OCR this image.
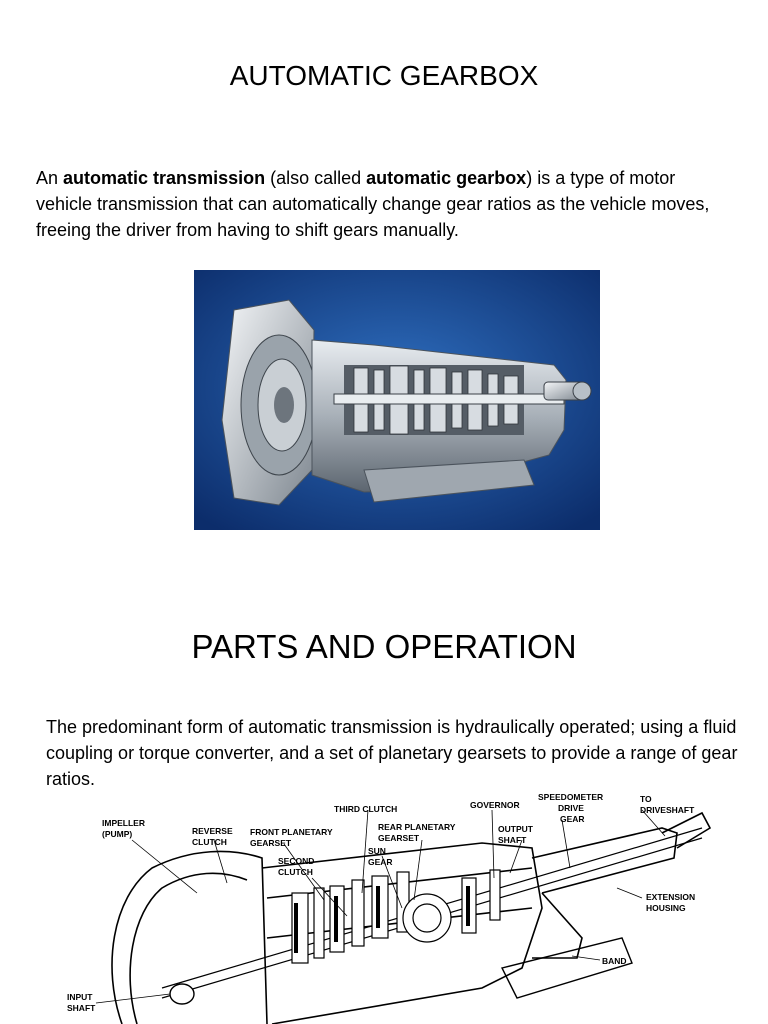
AUTOMATIC GEARBOX

An automatic transmission (also called automatic gearbox) is a type of motor vehicle transmission that can automatically change gear ratios as the vehicle moves, freeing the driver from having to shift gears manually.

PARTS AND OPERATION

The predominant form of automatic transmission is hydraulically operated; using a fluid coupling or torque converter, and a set of planetary gearsets to provide a range of gear ratios.

IMPELLER (PUMP)	REVERSE CLUTCH
FRONT PLANETARY GEARSET
SECOND CLUTCH
THIRD CLUTCH
REAR PLANETARY GEARSET
SUN GEAR
GOVERNOR
OUTPUT SHAFT
SPEEDOMETER DRIVE GEAR
TO DRIVESHAFT
EXTENSION HOUSING
BAND
INPUT SHAFT
